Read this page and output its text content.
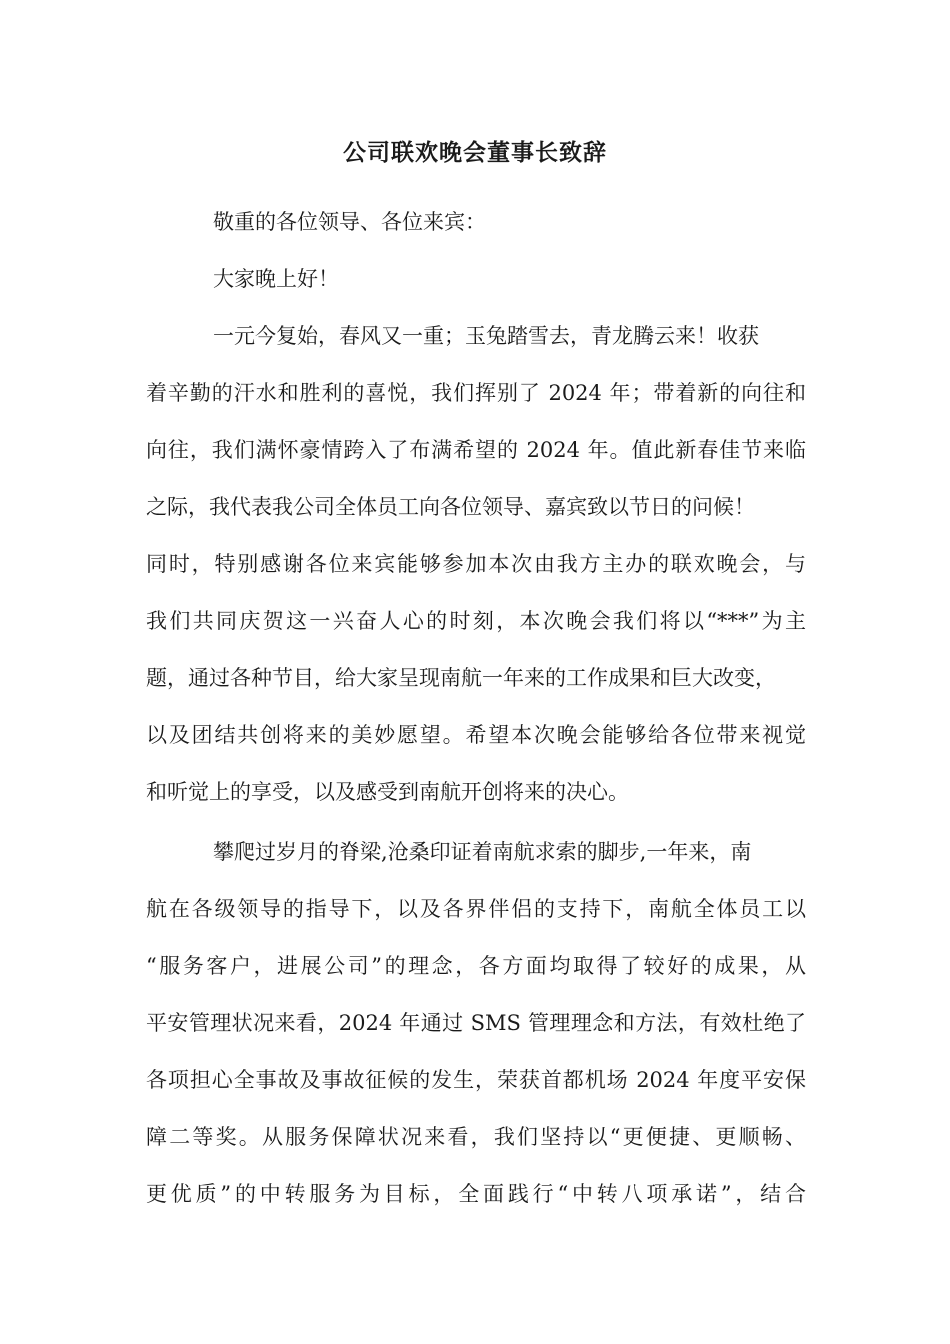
公司联欢晚会董事长致辞
敬重的各位领导、各位来宾：
大家晚上好！
一元今复始，春风又一重；玉兔踏雪去，青龙腾云来！收获
着辛勤的汗水和胜利的喜悦，我们挥别了 2024 年；带着新的向往和
向往，我们满怀豪情跨入了布满希望的 2024 年。值此新春佳节来临
之际，我代表我公司全体员工向各位领导、嘉宾致以节日的问候！
同时，特别感谢各位来宾能够参加本次由我方主办的联欢晚会，与
我们共同庆贺这一兴奋人心的时刻，本次晚会我们将以“***”为主
题，通过各种节目，给大家呈现南航一年来的工作成果和巨大改变，
以及团结共创将来的美妙愿望。希望本次晚会能够给各位带来视觉
和听觉上的享受，以及感受到南航开创将来的决心。
攀爬过岁月的脊梁,沧桑印证着南航求索的脚步,一年来，南
航在各级领导的指导下，以及各界伴侣的支持下，南航全体员工以
“服务客户，进展公司”的理念，各方面均取得了较好的成果，从
平安管理状况来看，2024 年通过 SMS 管理理念和方法，有效杜绝了
各项担心全事故及事故征候的发生，荣获首都机场 2024 年度平安保
障二等奖。从服务保障状况来看，我们坚持以“更便捷、更顺畅、
更优质”的中转服务为目标，全面践行“中转八项承诺”，结合
